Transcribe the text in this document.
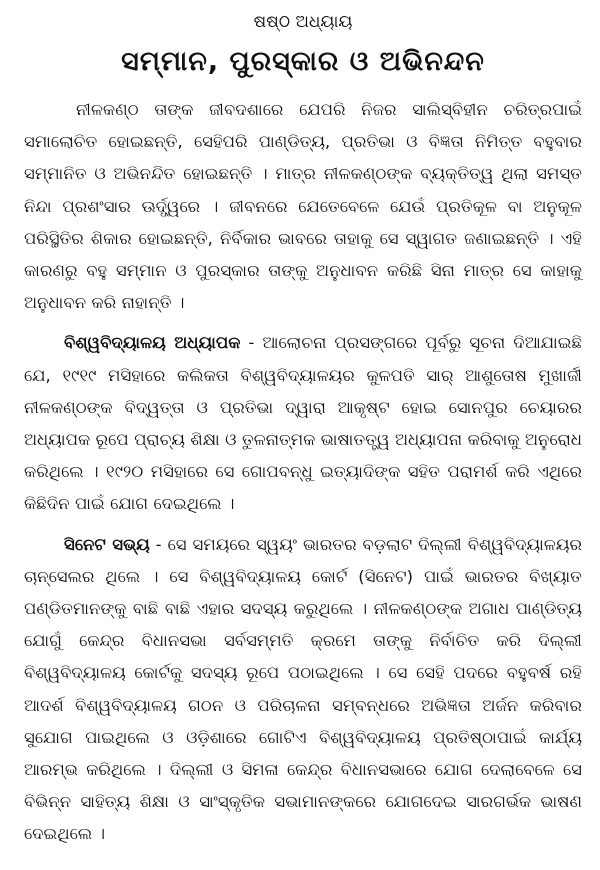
ଷଷ୍ଠ ଅଧ୍ୟାୟ
ସମ୍ମାନ, ପୁରସ୍କାର ଓ ଅଭିନନ୍ଦନ

ନୀଳକଣ୍ଠ ତାଙ୍କ ଜୀବଦଶାରେ ଯେପରି ନିଜର ସାଲିସ୍‌ବିହୀନ ଚରିତ୍ରପାଇଁ ସମାଲୋଚିତ ହୋଇଛନ୍ତି, ସେହିପରି ପାଣ୍ଡିତ୍ୟ, ପ୍ରତିଭା ଓ ବିଜ୍ଞତା ନିମିତ୍ତ ବହୁବାର ସମ୍ମାନିତ ଓ ଅଭିନନ୍ଦିତ ହୋଇଛନ୍ତି । ମାତ୍ର ନୀଳକଣ୍ଠଙ୍କ ବ୍ୟକ୍ତିତ୍ୱ ଥିଲା ସମସ୍ତ ନିନ୍ଦା ପ୍ରଶଂସାର ଊର୍ଦ୍ଧ୍ୱରେ । ଜୀବନରେ ଯେତେବେଳେ ଯେଉଁ ପ୍ରତିକୂଳ ବା ଅନୁକୂଳ ପରିସ୍ଥିତିର ଶିକାର ହୋଇଛନ୍ତି, ନିର୍ବିକାର ଭାବରେ ତାହାକୁ ସେ ସ୍ୱାଗତ ଜଣାଇଛନ୍ତି । ଏହି କାରଣରୁ ବହୁ ସମ୍ମାନ ଓ ପୁରସ୍କାର ତାଙ୍କୁ ଅନୁଧାବନ କରିଛି ସିନା ମାତ୍ର ସେ କାହାକୁ ଅନୁଧାବନ କରି ନାହାନ୍ତି ।

ବିଶ୍ୱବିଦ୍ୟାଳୟ ଅଧ୍ୟାପକ - ଆଲୋଚନା ପ୍ରସଙ୍ଗରେ ପୂର୍ବରୁ ସୂଚନା ଦିଆଯାଇଛି ଯେ, ୧୯୧୯ ମସିହାରେ କଲିକତା ବିଶ୍ୱବିଦ୍ୟାଳୟର କୁଳପତି ସାର୍ ଆଶୁତୋଷ ମୁଖାର୍ଜୀ ନୀଳକଣ୍ଠଙ୍କ ବିଦ୍ୱତ୍ତା ଓ ପ୍ରତିଭା ଦ୍ୱାରା ଆକୃଷ୍ଟ ହୋଇ ସୋନପୁର ଚେୟାରର ଅଧ୍ୟାପକ ରୂପେ ପ୍ରାଚ୍ୟ ଶିକ୍ଷା ଓ ତୁଳନାତ୍ମକ ଭାଷାତତ୍ତ୍ୱ ଅଧ୍ୟାପନା କରିବାକୁ ଅନୁରୋଧ କରିଥିଲେ । ୧୯୨୦ ମସିହାରେ ସେ ଗୋପବନ୍ଧୁ ଇତ୍ୟାଦିଙ୍କ ସହିତ ପରାମର୍ଶ କରି ଏଥିରେ କିଛିଦିନ ପାଇଁ ଯୋଗ ଦେଇଥିଲେ ।

ସିନେଟ ସଭ୍ୟ - ସେ ସମୟରେ ସ୍ୱୟଂ ଭାରତର ବଡ଼ଲାଟ ଦିଲ୍ଲୀ ବିଶ୍ୱବିଦ୍ୟାଳୟର ଚାନ୍‌ସେଲର ଥିଲେ । ସେ ବିଶ୍ୱବିଦ୍ୟାଳୟ କୋର୍ଟ (ସିନେଟ) ପାଇଁ ଭାରତର ବିଖ୍ୟାତ ପଣ୍ଡିତମାନଙ୍କୁ ବାଛି ବାଛି ଏହାର ସଦସ୍ୟ କରୁଥିଲେ । ନୀଳକଣ୍ଠଙ୍କ ଅଗାଧ ପାଣ୍ଡିତ୍ୟ ଯୋଗୁଁ କେନ୍ଦ୍ର ବିଧାନସଭା ସର୍ବସମ୍ମତି କ୍ରମେ ତାଙ୍କୁ ନିର୍ବାଚିତ କରି ଦିଲ୍ଲୀ ବିଶ୍ୱବିଦ୍ୟାଳୟ କୋର୍ଟକୁ ସଦସ୍ୟ ରୂପେ ପଠାଇଥିଲେ । ସେ ସେହି ପଦରେ ବହୁବର୍ଷ ରହି ଆଦର୍ଶ ବିଶ୍ୱବିଦ୍ୟାଳୟ ଗଠନ ଓ ପରିଚାଳନା ସମ୍ବନ୍ଧରେ ଅଭିଜ୍ଞତା ଅର୍ଜନ କରିବାର ସୁଯୋଗ ପାଇଥିଲେ ଓ ଓଡ଼ିଶାରେ ଗୋଟିଏ ବିଶ୍ୱବିଦ୍ୟାଳୟ ପ୍ରତିଷ୍ଠାପାଇଁ କାର୍ଯ୍ୟ ଆରମ୍ଭ କରିଥିଲେ । ଦିଲ୍ଲୀ ଓ ସିମଳା କେନ୍ଦ୍ର ବିଧାନସଭାରେ ଯୋଗ ଦେଲାବେଳେ ସେ ବିଭିନ୍ନ ସାହିତ୍ୟ ଶିକ୍ଷା ଓ ସାଂସ୍କୃତିକ ସଭାମାନଙ୍କରେ ଯୋଗଦେଇ ସାରଗର୍ଭକ ଭାଷଣ ଦେଇଥିଲେ ।
